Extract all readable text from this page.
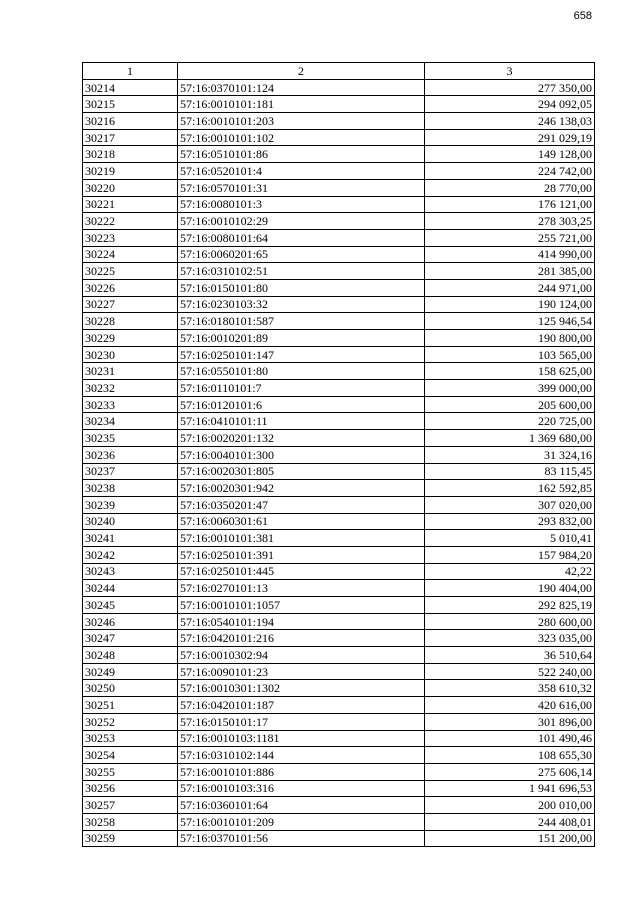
658
1	2	3
30214	57:16:0370101:124	277 350,00
30215	57:16:0010101:181	294 092,05
30216	57:16:0010101:203	246 138,03
30217	57:16:0010101:102	291 029,19
30218	57:16:0510101:86	149 128,00
30219	57:16:0520101:4	224 742,00
30220	57:16:0570101:31	28 770,00
30221	57:16:0080101:3	176 121,00
30222	57:16:0010102:29	278 303,25
30223	57:16:0080101:64	255 721,00
30224	57:16:0060201:65	414 990,00
30225	57:16:0310102:51	281 385,00
30226	57:16:0150101:80	244 971,00
30227	57:16:0230103:32	190 124,00
30228	57:16:0180101:587	125 946,54
30229	57:16:0010201:89	190 800,00
30230	57:16:0250101:147	103 565,00
30231	57:16:0550101:80	158 625,00
30232	57:16:0110101:7	399 000,00
30233	57:16:0120101:6	205 600,00
30234	57:16:0410101:11	220 725,00
30235	57:16:0020201:132	1 369 680,00
30236	57:16:0040101:300	31 324,16
30237	57:16:0020301:805	83 115,45
30238	57:16:0020301:942	162 592,85
30239	57:16:0350201:47	307 020,00
30240	57:16:0060301:61	293 832,00
30241	57:16:0010101:381	5 010,41
30242	57:16:0250101:391	157 984,20
30243	57:16:0250101:445	42,22
30244	57:16:0270101:13	190 404,00
30245	57:16:0010101:1057	292 825,19
30246	57:16:0540101:194	280 600,00
30247	57:16:0420101:216	323 035,00
30248	57:16:0010302:94	36 510,64
30249	57:16:0090101:23	522 240,00
30250	57:16:0010301:1302	358 610,32
30251	57:16:0420101:187	420 616,00
30252	57:16:0150101:17	301 896,00
30253	57:16:0010103:1181	101 490,46
30254	57:16:0310102:144	108 655,30
30255	57:16:0010101:886	275 606,14
30256	57:16:0010103:316	1 941 696,53
30257	57:16:0360101:64	200 010,00
30258	57:16:0010101:209	244 408,01
30259	57:16:0370101:56	151 200,00
